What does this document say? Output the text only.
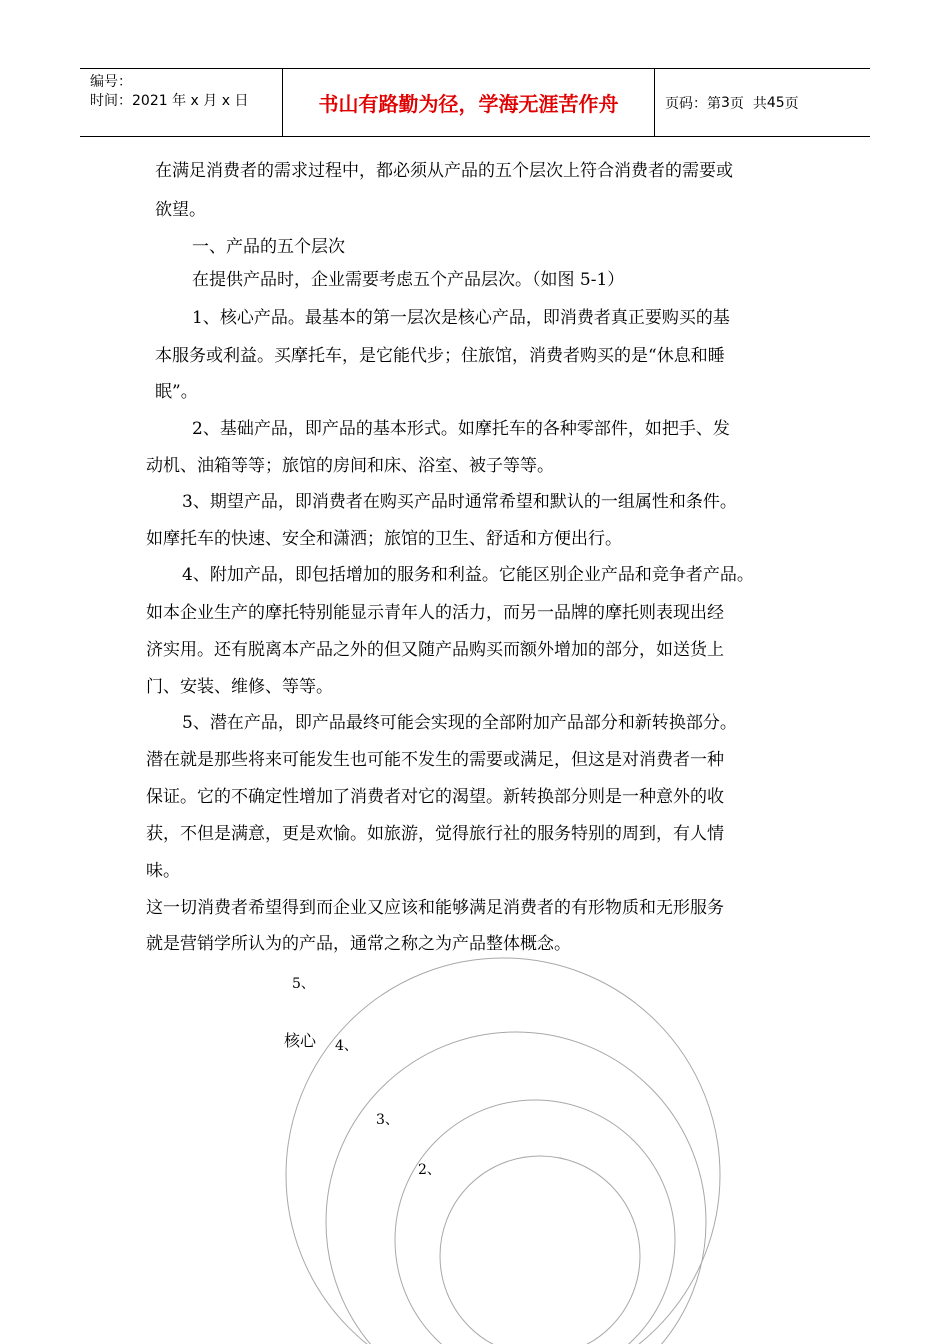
编号：
时间：2021 年 x 月 x 日	书山有路勤为径，学海无涯苦作舟	页码：第 3 页  共 45 页
在满足消费者的需求过程中，都必须从产品的五个层次上符合消费者的需要或
欲望。
一、产品的五个层次
在提供产品时，企业需要考虑五个产品层次。（如图 5-1）
1、核心产品。最基本的第一层次是核心产品，即消费者真正要购买的基
本服务或利益。买摩托车，是它能代步；住旅馆，消费者购买的是“休息和睡
眠”。
2、基础产品，即产品的基本形式。如摩托车的各种零部件，如把手、发
动机、油箱等等；旅馆的房间和床、浴室、被子等等。
3、期望产品，即消费者在购买产品时通常希望和默认的一组属性和条件。
如摩托车的快速、安全和潇洒；旅馆的卫生、舒适和方便出行。
4、附加产品，即包括增加的服务和利益。它能区别企业产品和竞争者产品。
如本企业生产的摩托特别能显示青年人的活力，而另一品牌的摩托则表现出经
济实用。还有脱离本产品之外的但又随产品购买而额外增加的部分，如送货上
门、安装、维修、等等。
5、潜在产品，即产品最终可能会实现的全部附加产品部分和新转换部分。
潜在就是那些将来可能发生也可能不发生的需要或满足，但这是对消费者一种
保证。它的不确定性增加了消费者对它的渴望。新转换部分则是一种意外的收
获，不但是满意，更是欢愉。如旅游，觉得旅行社的服务特别的周到，有人情
味。
这一切消费者希望得到而企业又应该和能够满足消费者的有形物质和无形服务
就是营销学所认为的产品，通常之称之为产品整体概念。
5、
核心 4、
3、
2、
